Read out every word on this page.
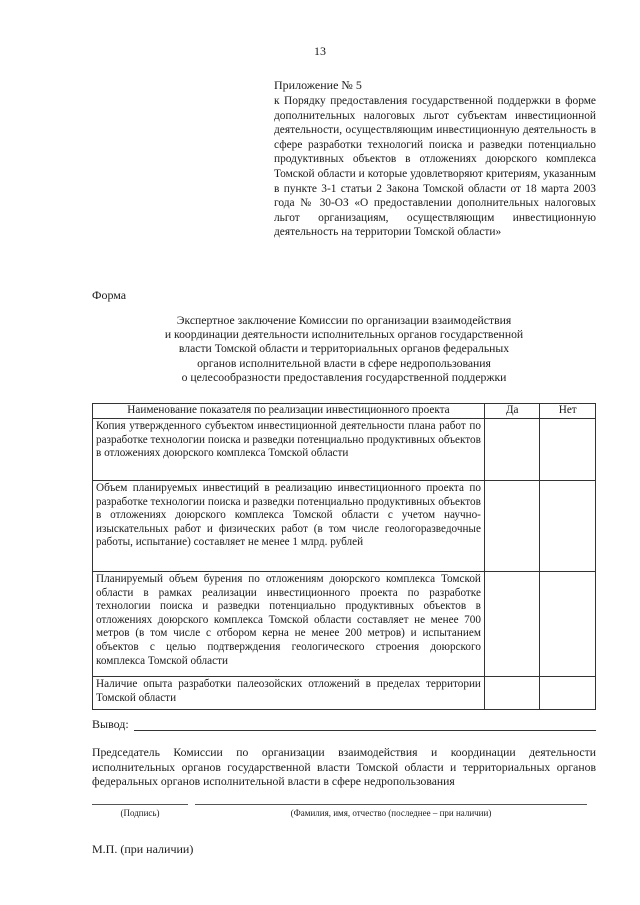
13
Приложение № 5
к Порядку предоставления государственной поддержки в форме дополнительных налоговых льгот субъектам инвестиционной деятельности, осуществляющим инвестиционную деятельность в сфере разработки технологий поиска и разведки потенциально продуктивных объектов в отложениях доюрского комплекса Томской области и которые удовлетворяют критериям, указанным в пункте 3-1 статьи 2 Закона Томской области от 18 марта 2003 года № 30-ОЗ «О предоставлении дополнительных налоговых льгот организациям, осуществляющим инвестиционную деятельность на территории Томской области»
Форма
Экспертное заключение Комиссии по организации взаимодействия
и координации деятельности исполнительных органов государственной
власти Томской области и территориальных органов федеральных
органов исполнительной власти в сфере недропользования
о целесообразности предоставления государственной поддержки
Наименование показателя по реализации инвестиционного проекта	Да	Нет
Копия утвержденного субъектом инвестиционной деятельности плана работ по разработке технологии поиска и разведки потенциально продуктивных объектов в отложениях доюрского комплекса Томской области		
Объем планируемых инвестиций в реализацию инвестиционного проекта по разработке технологии поиска и разведки потенциально продуктивных объектов в отложениях доюрского комплекса Томской области с учетом научно-изыскательных работ и физических работ (в том числе геологоразведочные работы, испытание) составляет не менее 1 млрд. рублей		
Планируемый объем бурения по отложениям доюрского комплекса Томской области в рамках реализации инвестиционного проекта по разработке технологии поиска и разведки потенциально продуктивных объектов в отложениях доюрского комплекса Томской области составляет не менее 700 метров (в том числе с отбором керна не менее 200 метров) и испытанием объектов с целью подтверждения геологического строения доюрского комплекса Томской области		
Наличие опыта разработки палеозойских отложений в пределах территории Томской области		
Вывод:
Председатель Комиссии по организации взаимодействия и координации деятельности исполнительных органов государственной власти Томской области и территориальных органов федеральных органов исполнительной власти в сфере недропользования
(Подпись)	(Фамилия, имя, отчество (последнее – при наличии)
М.П. (при наличии)
